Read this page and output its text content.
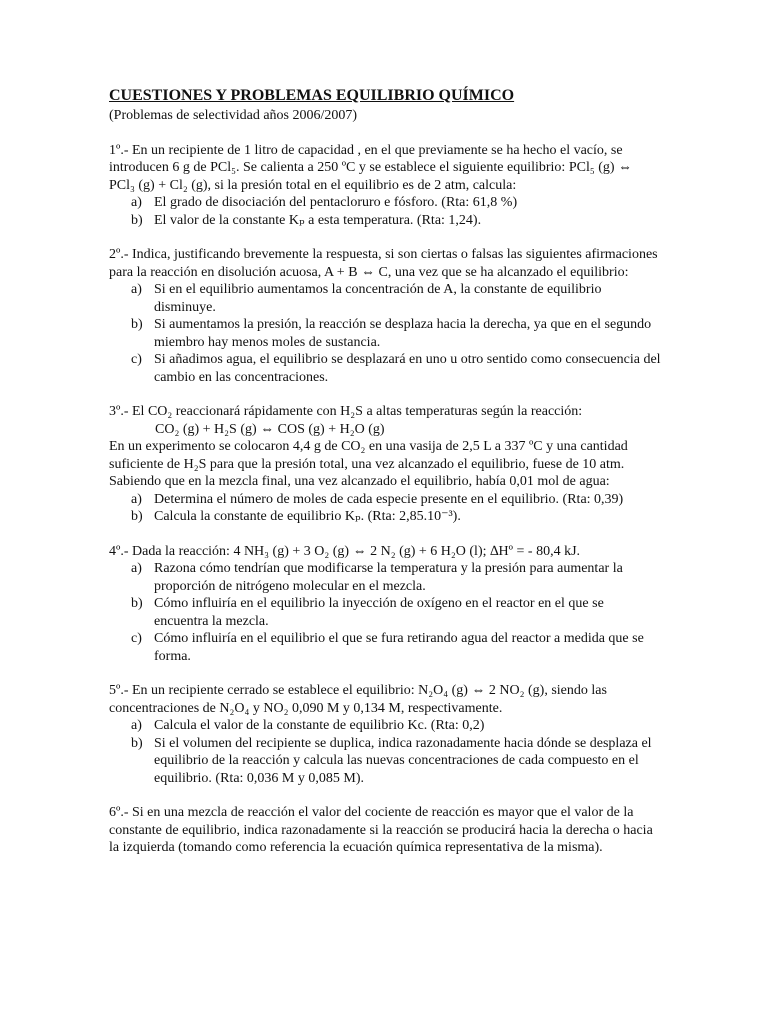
CUESTIONES Y PROBLEMAS EQUILIBRIO QUÍMICO

(Problemas de selectividad años 2006/2007)

1º.- En un recipiente de 1 litro de capacidad , en el que previamente se ha hecho el vacío, se introducen 6 g de PCl₅. Se calienta a 250 ºC y se establece el siguiente equilibrio: PCl₅ (g) ⇔ PCl₃ (g) + Cl₂ (g), si la presión total en el equilibrio es de 2 atm, calcula:

a) El grado de disociación del pentacloruro e fósforo. (Rta: 61,8 %)
b) El valor de la constante Kₚ a esta temperatura. (Rta: 1,24).

2º.- Indica, justificando brevemente la respuesta, si son ciertas o falsas las siguientes afirmaciones para la reacción en disolución acuosa, A + B ⇔ C, una vez que se ha alcanzado el equilibrio:

a) Si en el equilibrio aumentamos la concentración de A, la constante de equilibrio disminuye.
b) Si aumentamos la presión, la reacción se desplaza hacia la derecha, ya que en el segundo miembro hay menos moles de sustancia.
c) Si añadimos agua, el equilibrio se desplazará en uno u otro sentido como consecuencia del cambio en las concentraciones.

3º.- El CO₂ reaccionará rápidamente con H₂S a altas temperaturas según la reacción:

CO₂ (g) + H₂S (g) ⇔ COS (g) + H₂O (g)

En un experimento se colocaron 4,4 g de CO₂ en una vasija de 2,5 L a 337 ºC y una cantidad suficiente de H₂S para que la presión total, una vez alcanzado el equilibrio, fuese de 10 atm. Sabiendo que en la mezcla final, una vez alcanzado el equilibrio, había 0,01 mol de agua:

a) Determina el número de moles de cada especie presente en el equilibrio. (Rta: 0,39)
b) Calcula la constante de equilibrio Kₚ. (Rta: 2,85.10⁻³).

4º.- Dada la reacción: 4 NH₃ (g) + 3 O₂ (g) ⇔ 2 N₂ (g) + 6 H₂O (l); ∆Hº = - 80,4 kJ.

a) Razona cómo tendrían que modificarse la temperatura y la presión para aumentar la proporción de nitrógeno molecular en el mezcla.
b) Cómo influiría en el equilibrio la inyección de oxígeno en el reactor en el que se encuentra la mezcla.
c) Cómo influiría en el equilibrio el que se fura retirando agua del reactor a medida que se forma.

5º.- En un recipiente cerrado se establece el equilibrio: N₂O₄ (g) ⇔ 2 NO₂ (g), siendo las concentraciones de N₂O₄ y NO₂ 0,090 M y 0,134 M, respectivamente.

a) Calcula el valor de la constante de equilibrio Kc. (Rta: 0,2)
b) Si el volumen del recipiente se duplica, indica razonadamente hacia dónde se desplaza el equilibrio de la reacción y calcula las nuevas concentraciones de cada compuesto en el equilibrio. (Rta: 0,036 M y 0,085 M).

6º.- Si en una mezcla de reacción el valor del cociente de reacción es mayor que el valor de la constante de equilibrio, indica razonadamente si la reacción se producirá hacia la derecha o hacia la izquierda (tomando como referencia la ecuación química representativa de la misma).
